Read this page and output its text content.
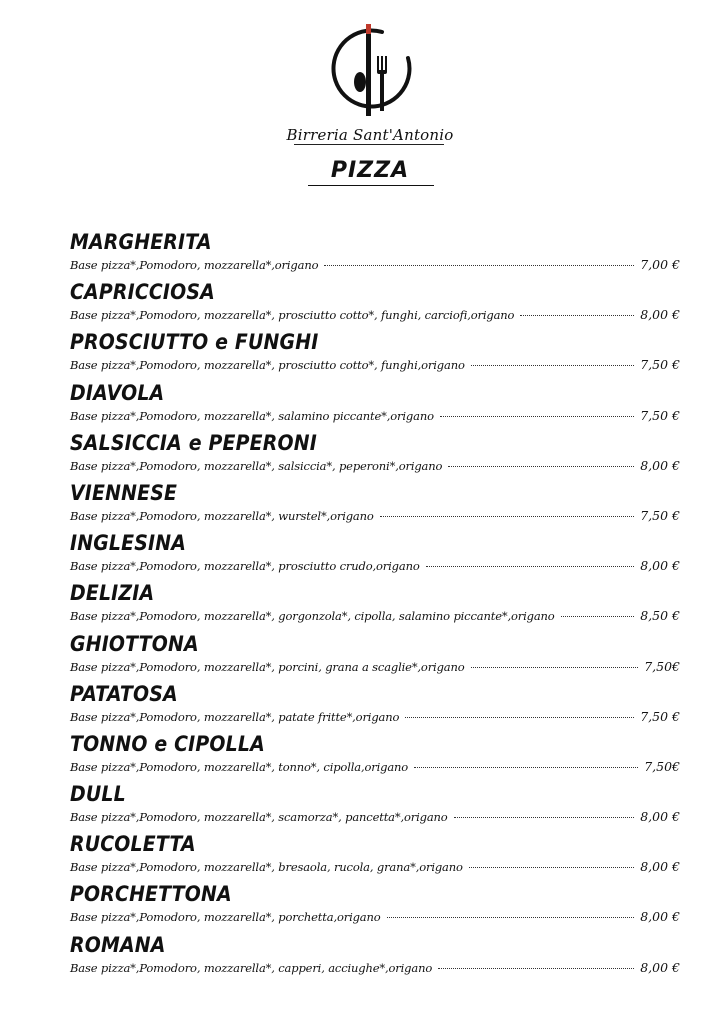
Birreria Sant'Antonio
PIZZA
MARGHERITA
Base pizza*,Pomodoro, mozzarella*,origano	7,00 €
CAPRICCIOSA
Base pizza*,Pomodoro, mozzarella*, prosciutto cotto*, funghi, carciofi,origano	8,00 €
PROSCIUTTO e FUNGHI
Base pizza*,Pomodoro, mozzarella*, prosciutto cotto*, funghi,origano	7,50 €
DIAVOLA
Base pizza*,Pomodoro, mozzarella*, salamino piccante*,origano	7,50 €
SALSICCIA e PEPERONI
Base pizza*,Pomodoro, mozzarella*, salsiccia*, peperoni*,origano	8,00 €
VIENNESE
Base pizza*,Pomodoro, mozzarella*, wurstel*,origano	7,50 €
INGLESINA
Base pizza*,Pomodoro, mozzarella*, prosciutto crudo,origano	8,00 €
DELIZIA
Base pizza*,Pomodoro, mozzarella*, gorgonzola*, cipolla, salamino piccante*,origano	8,50 €
GHIOTTONA
Base pizza*,Pomodoro, mozzarella*, porcini, grana a scaglie*,origano	7,50€
PATATOSA
Base pizza*,Pomodoro, mozzarella*, patate fritte*,origano	7,50 €
TONNO e CIPOLLA
Base pizza*,Pomodoro, mozzarella*, tonno*, cipolla,origano	7,50€
DULL
Base pizza*,Pomodoro, mozzarella*, scamorza*, pancetta*,origano	8,00 €
RUCOLETTA
Base pizza*,Pomodoro, mozzarella*, bresaola, rucola, grana*,origano	8,00 €
PORCHETTONA
Base pizza*,Pomodoro, mozzarella*, porchetta,origano	8,00 €
ROMANA
Base pizza*,Pomodoro, mozzarella*, capperi, acciughe*,origano	8,00 €
